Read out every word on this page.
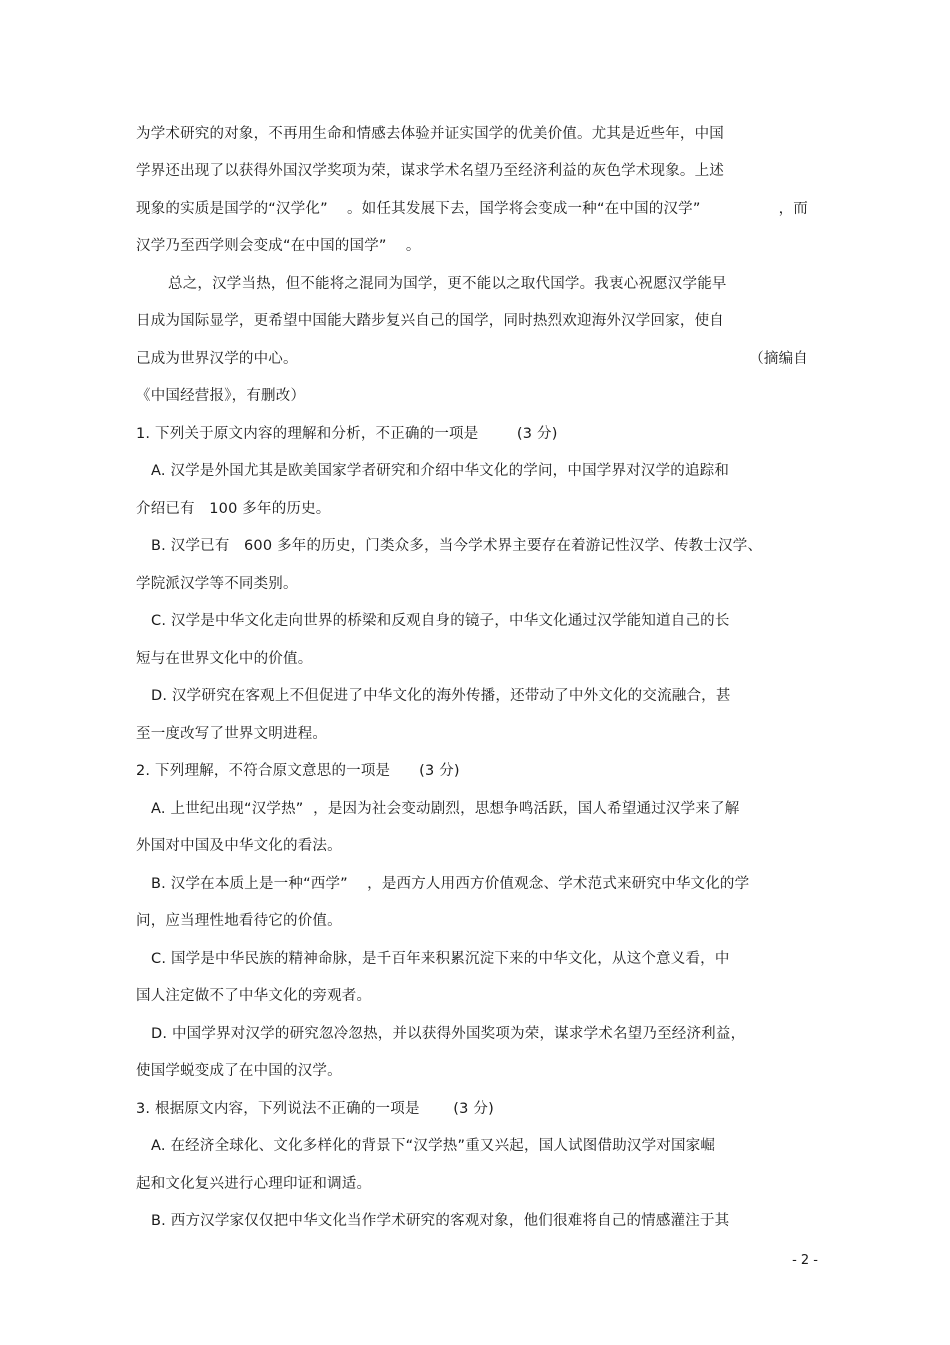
为学术研究的对象，不再用生命和情感去体验并证实国学的优美价值。尤其是近些年，中国
学界还出现了以获得外国汉学奖项为荣，谋求学术名望乃至经济利益的灰色学术现象。上述
现象的实质是国学的“汉学化”    。如任其发展下去，国学将会变成一种“在中国的汉学”	，而
汉学乃至西学则会变成“在中国的国学”    。
总之，汉学当热，但不能将之混同为国学，更不能以之取代国学。我衷心祝愿汉学能早
日成为国际显学，更希望中国能大踏步复兴自己的国学，同时热烈欢迎海外汉学回家，使自
己成为世界汉学的中心。	（摘编自
《中国经营报》，有删改）
1. 下列关于原文内容的理解和分析，不正确的一项是        (3 分)
A. 汉学是外国尤其是欧美国家学者研究和介绍中华文化的学问，中国学界对汉学的追踪和
介绍已有   100 多年的历史。
B. 汉学已有   600 多年的历史，门类众多，当今学术界主要存在着游记性汉学、传教士汉学、
学院派汉学等不同类别。
C. 汉学是中华文化走向世界的桥梁和反观自身的镜子，中华文化通过汉学能知道自己的长
短与在世界文化中的价值。
D. 汉学研究在客观上不但促进了中华文化的海外传播，还带动了中外文化的交流融合，甚
至一度改写了世界文明进程。
2. 下列理解，不符合原文意思的一项是      (3 分)
A. 上世纪出现“汉学热”  ，是因为社会变动剧烈，思想争鸣活跃，国人希望通过汉学来了解
外国对中国及中华文化的看法。
B. 汉学在本质上是一种“西学”    ，是西方人用西方价值观念、学术范式来研究中华文化的学
问，应当理性地看待它的价值。
C. 国学是中华民族的精神命脉，是千百年来积累沉淀下来的中华文化，从这个意义看，中
国人注定做不了中华文化的旁观者。
D. 中国学界对汉学的研究忽冷忽热，并以获得外国奖项为荣，谋求学术名望乃至经济利益，
使国学蜕变成了在中国的汉学。
3. 根据原文内容，下列说法不正确的一项是       (3 分)
A. 在经济全球化、文化多样化的背景下“汉学热”重又兴起，国人试图借助汉学对国家崛
起和文化复兴进行心理印证和调适。
B. 西方汉学家仅仅把中华文化当作学术研究的客观对象，他们很难将自己的情感灌注于其
- 2 -
